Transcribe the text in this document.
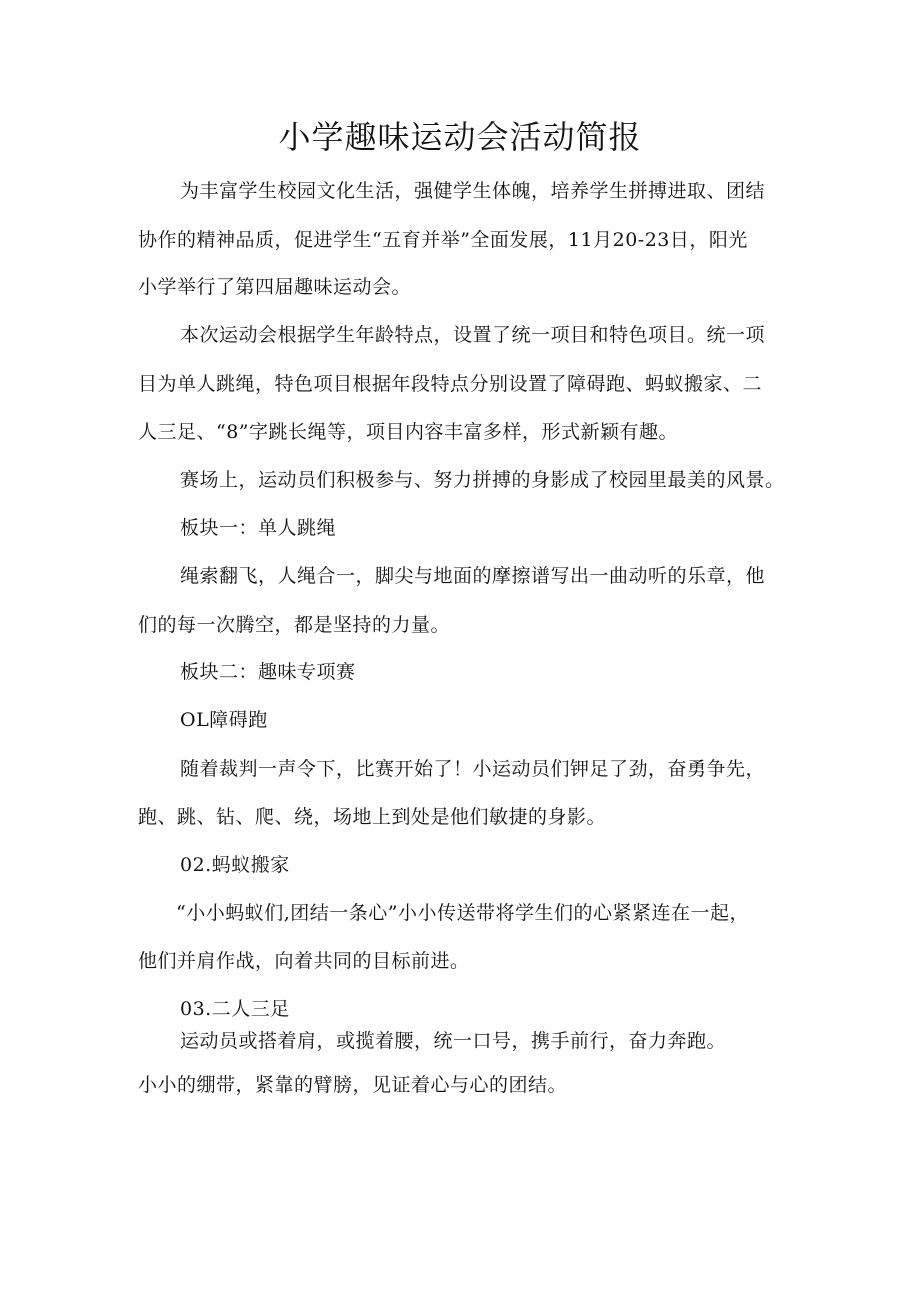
小学趣味运动会活动简报
为丰富学生校园文化生活，强健学生体魄，培养学生拼搏进取、团结
协作的精神品质，促进学生“五育并举”全面发展，11月20-23日，阳光
小学举行了第四届趣味运动会。
本次运动会根据学生年龄特点，设置了统一项目和特色项目。统一项
目为单人跳绳，特色项目根据年段特点分别设置了障碍跑、蚂蚁搬家、二
人三足、“8”字跳长绳等，项目内容丰富多样，形式新颖有趣。
赛场上，运动员们积极参与、努力拼搏的身影成了校园里最美的风景。
板块一：单人跳绳
绳索翻飞，人绳合一，脚尖与地面的摩擦谱写出一曲动听的乐章，他
们的每一次腾空，都是坚持的力量。
板块二：趣味专项赛
OL障碍跑
随着裁判一声令下，比赛开始了！小运动员们钾足了劲，奋勇争先，
跑、跳、钻、爬、绕，场地上到处是他们敏捷的身影。
02.蚂蚁搬家
“小小蚂蚁们,团结一条心”小小传送带将学生们的心紧紧连在一起，
他们并肩作战，向着共同的目标前进。
03.二人三足
运动员或搭着肩，或揽着腰，统一口号，携手前行，奋力奔跑。
小小的绷带，紧靠的臂膀，见证着心与心的团结。
